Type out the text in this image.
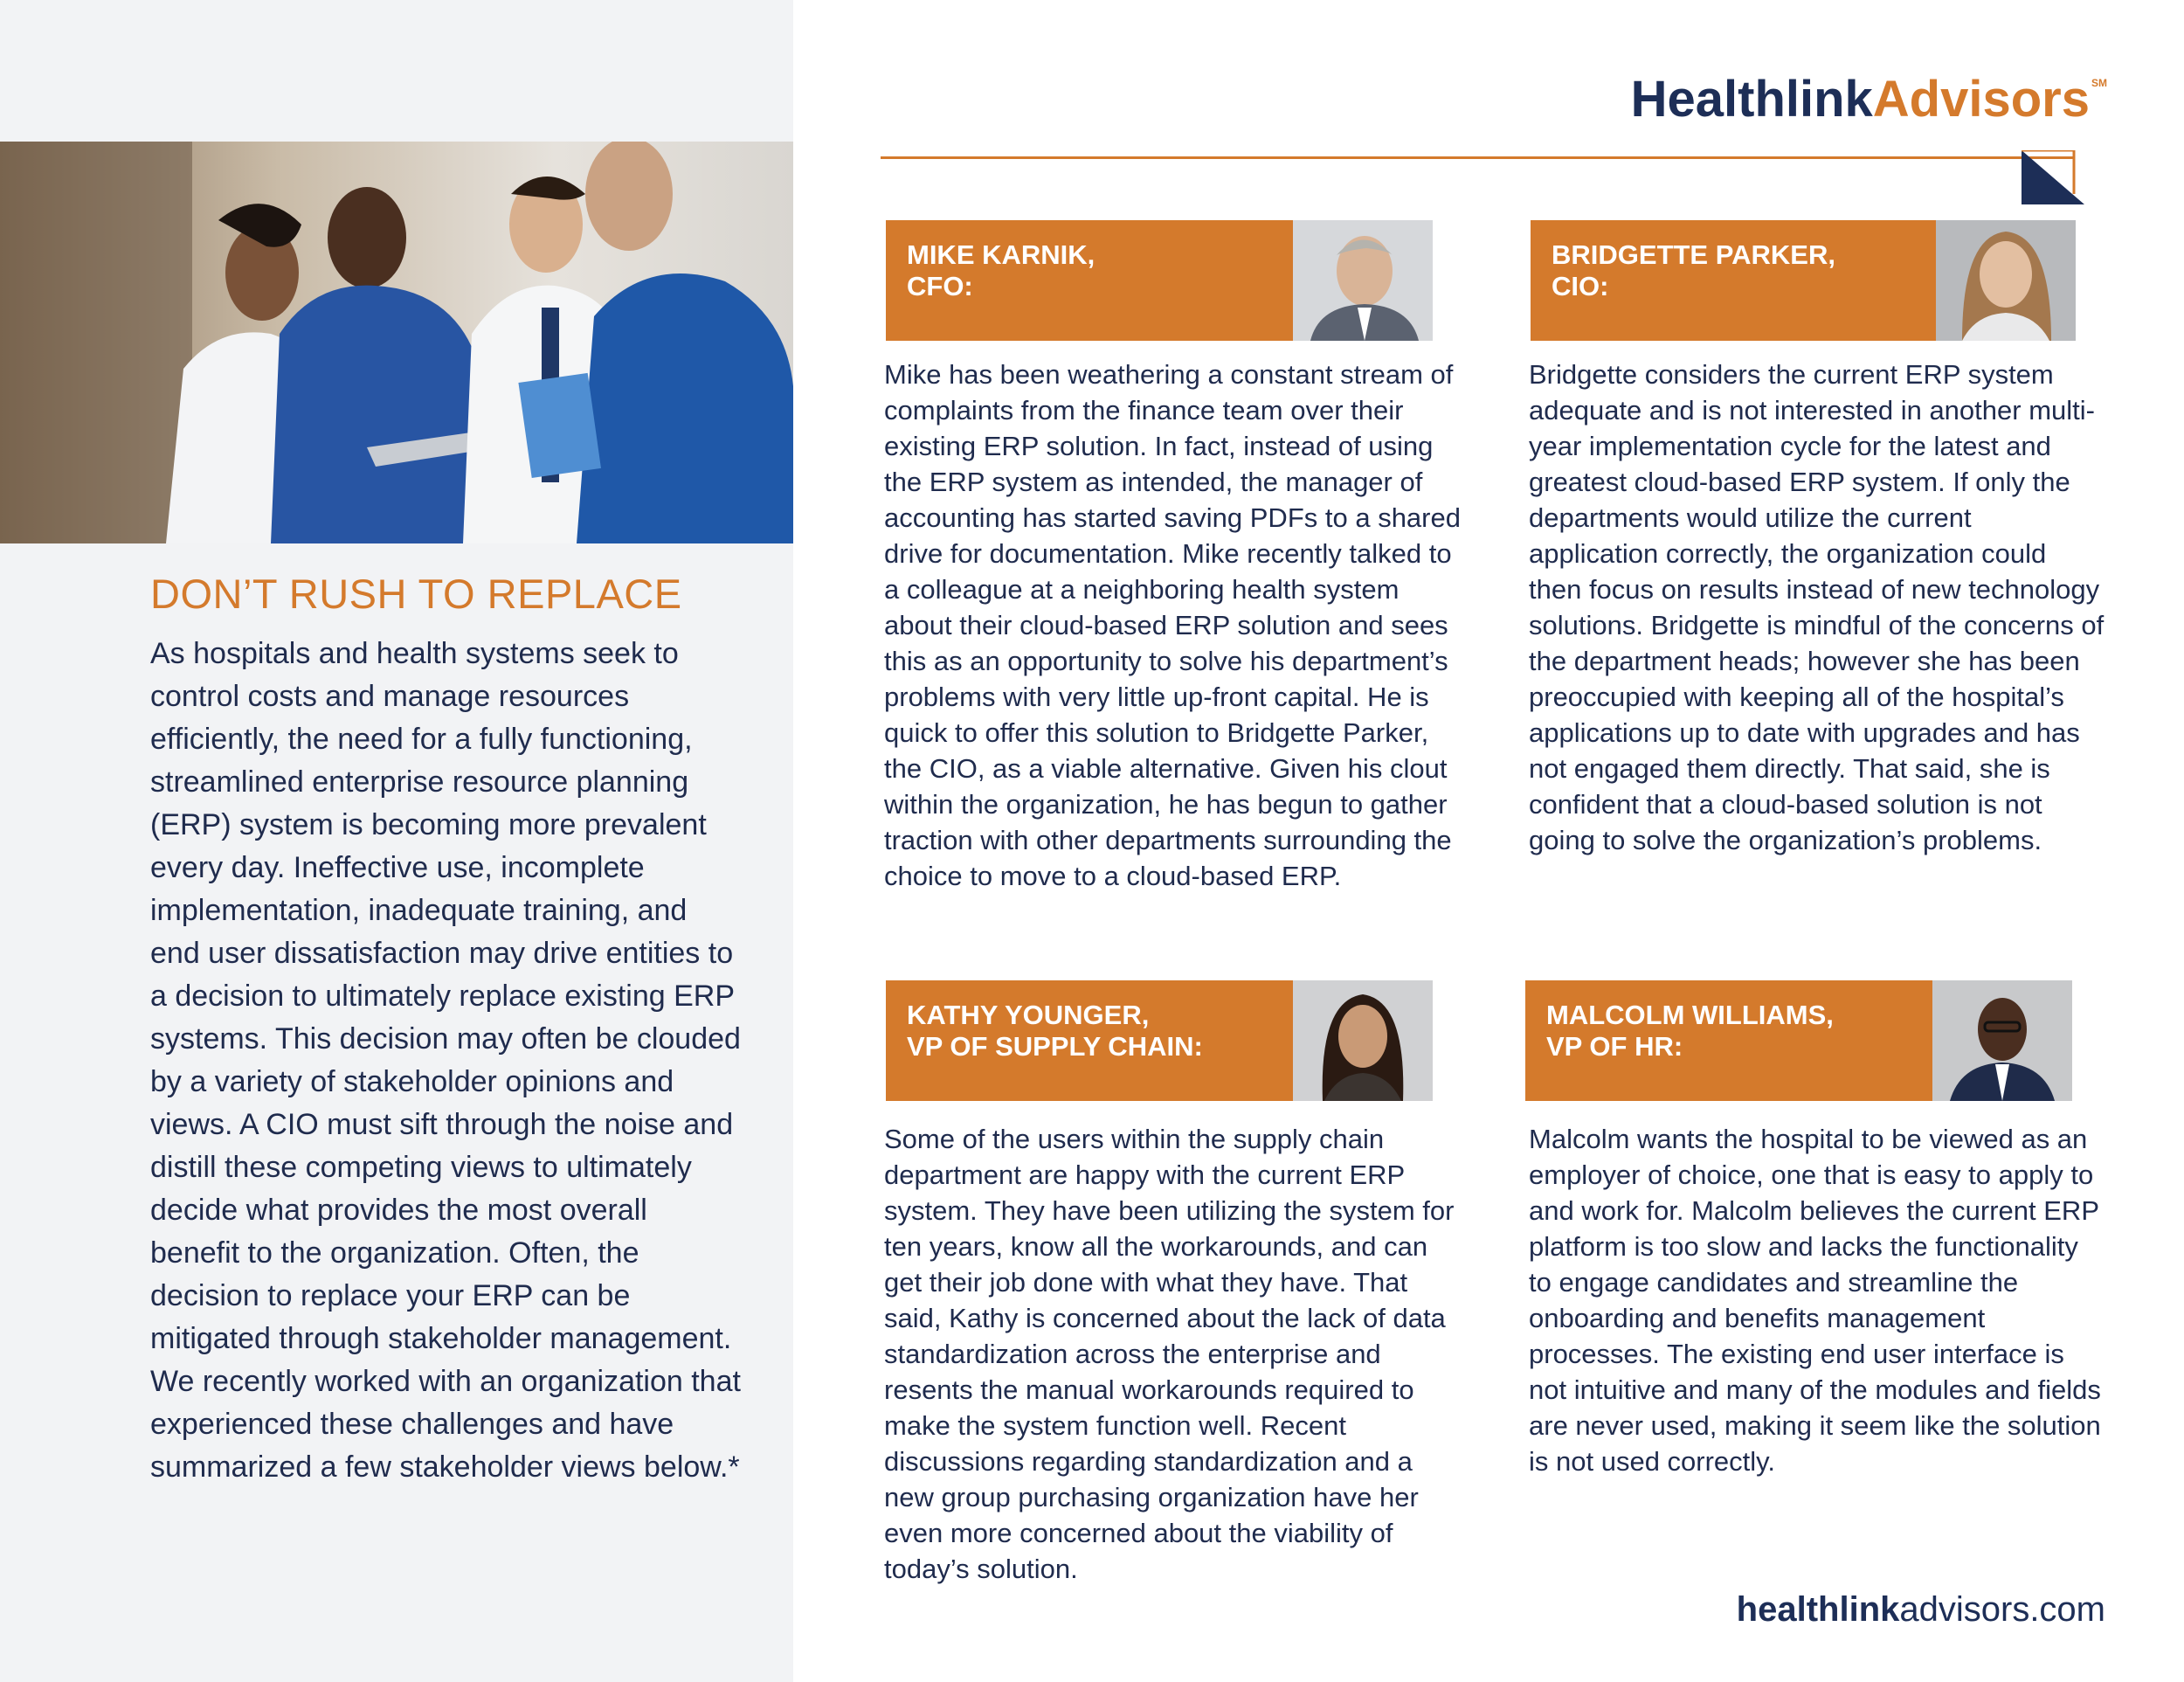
DON’T RUSH TO REPLACE

As hospitals and health systems seek to control costs and manage resources efficiently, the need for a fully functioning, streamlined enterprise resource planning (ERP) system is becoming more prevalent every day. Ineffective use, incomplete implementation, inadequate training, and end user dissatisfaction may drive entities to a decision to ultimately replace existing ERP systems. This decision may often be clouded by a variety of stakeholder opinions and views. A CIO must sift through the noise and distill these competing views to ultimately decide what provides the most overall benefit to the organization. Often, the decision to replace your ERP can be mitigated through stakeholder management. We recently worked with an organization that experienced these challenges and have summarized a few stakeholder views below.*

HealthlinkAdvisors ℠

MIKE KARNIK,
CFO:

Mike has been weathering a constant stream of complaints from the finance team over their existing ERP solution. In fact, instead of using the ERP system as intended, the manager of accounting has started saving PDFs to a shared drive for documentation. Mike recently talked to a colleague at a neighboring health system about their cloud-based ERP solution and sees this as an opportunity to solve his department’s problems with very little up-front capital. He is quick to offer this solution to Bridgette Parker, the CIO, as a viable alternative. Given his clout within the organization, he has begun to gather traction with other departments surrounding the choice to move to a cloud-based ERP.

BRIDGETTE PARKER,
CIO:

Bridgette considers the current ERP system adequate and is not interested in another multi-year implementation cycle for the latest and greatest cloud-based ERP system. If only the departments would utilize the current application correctly, the organization could then focus on results instead of new technology solutions. Bridgette is mindful of the concerns of the department heads; however she has been preoccupied with keeping all of the hospital’s applications up to date with upgrades and has not engaged them directly. That said, she is confident that a cloud-based solution is not going to solve the organization’s problems.

KATHY YOUNGER,
VP OF SUPPLY CHAIN:

Some of the users within the supply chain department are happy with the current ERP system. They have been utilizing the system for ten years, know all the workarounds, and can get their job done with what they have. That said, Kathy is concerned about the lack of data standardization across the enterprise and resents the manual workarounds required to make the system function well. Recent discussions regarding standardization and a new group purchasing organization have her even more concerned about the viability of today’s solution.

MALCOLM WILLIAMS,
VP OF HR:

Malcolm wants the hospital to be viewed as an employer of choice, one that is easy to apply to and work for. Malcolm believes the current ERP platform is too slow and lacks the functionality to engage candidates and streamline the onboarding and benefits management processes. The existing end user interface is not intuitive and many of the modules and fields are never used, making it seem like the solution is not used correctly.

healthlinkadvisors.com
